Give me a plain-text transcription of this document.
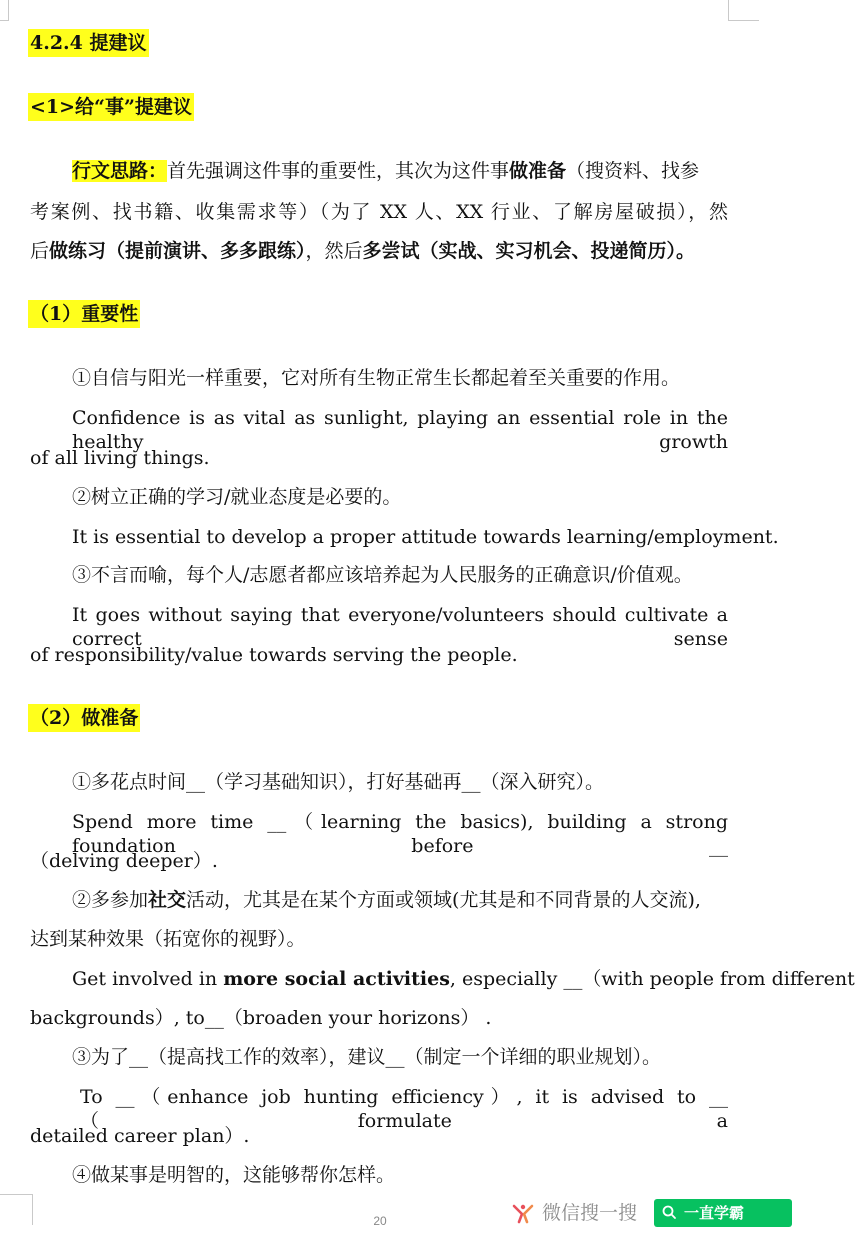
4.2.4 提建议
<1>给“事”提建议
行文思路：首先强调这件事的重要性，其次为这件事做准备（搜资料、找参
考案例、找书籍、收集需求等）（为了 XX 人、XX 行业、了解房屋破损），然
后做练习（提前演讲、多多跟练），然后多尝试（实战、实习机会、投递简历）。
（1）重要性
①自信与阳光一样重要，它对所有生物正常生长都起着至关重要的作用。
Confidence is as vital as sunlight, playing an essential role in the healthy growth
of all living things.
②树立正确的学习/就业态度是必要的。
It is essential to develop a proper attitude towards learning/employment.
③不言而喻，每个人/志愿者都应该培养起为人民服务的正确意识/价值观。
It goes without saying that everyone/volunteers should cultivate a correct sense
of responsibility/value towards serving the people.
（2）做准备
①多花点时间__（学习基础知识），打好基础再__（深入研究）。
Spend more time __（learning the basics), building a strong foundation before __
（delving deeper）.
②多参加社交活动，尤其是在某个方面或领域(尤其是和不同背景的人交流),
达到某种效果（拓宽你的视野）。
Get involved in more social activities, especially __（with people from different
backgrounds）, to__（broaden your horizons） .
③为了__（提高找工作的效率），建议__（制定一个详细的职业规划）。
To __（enhance job hunting efficiency）, it is advised to __（formulate a
detailed career plan）.
④做某事是明智的，这能够帮你怎样。
20	微信搜一搜	一直学霸
